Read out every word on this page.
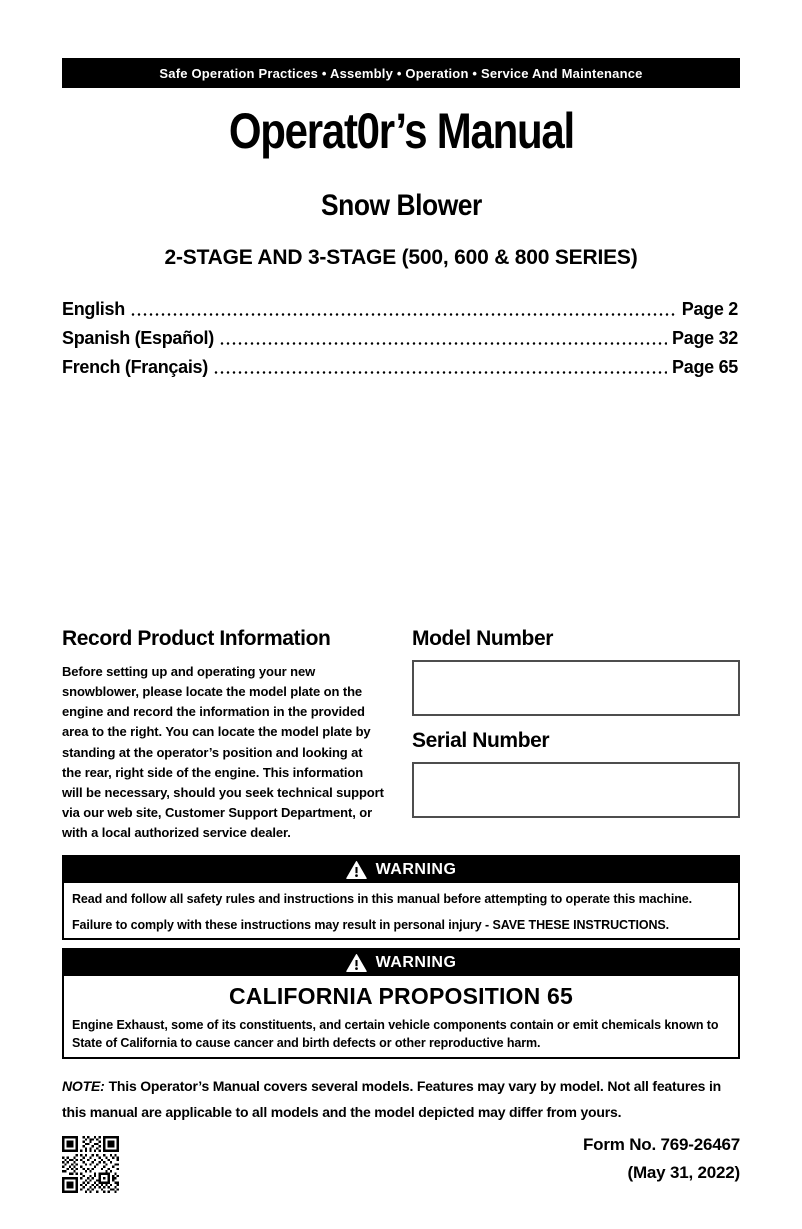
Safe Operation Practices • Assembly • Operation • Service And Maintenance
Operat0r’s Manual
Snow Blower
2-STAGE AND 3-STAGE (500, 600 & 800 SERIES)
English	Page 2
Spanish (Español)	Page 32
French (Français)	Page 65
Record Product Information

Before setting up and operating your new snowblower, please locate the model plate on the engine and record the information in the provided area to the right. You can locate the model plate by standing at the operator’s position and looking at the rear, right side of the engine. This information will be necessary, should you seek technical support via our web site, Customer Support Department, or with a local authorized service dealer.

Model Number
Serial Number
WARNING

Read and follow all safety rules and instructions in this manual before attempting to operate this machine.

Failure to comply with these instructions may result in personal injury - SAVE THESE INSTRUCTIONS.

WARNING
CALIFORNIA PROPOSITION 65
Engine Exhaust, some of its constituents, and certain vehicle components contain or emit chemicals known to State of California to cause cancer and birth defects or other reproductive harm.

NOTE: This Operator’s Manual covers several models. Features may vary by model. Not all features in this manual are applicable to all models and the model depicted may differ from yours.

Form No. 769-26467
(May 31, 2022)
